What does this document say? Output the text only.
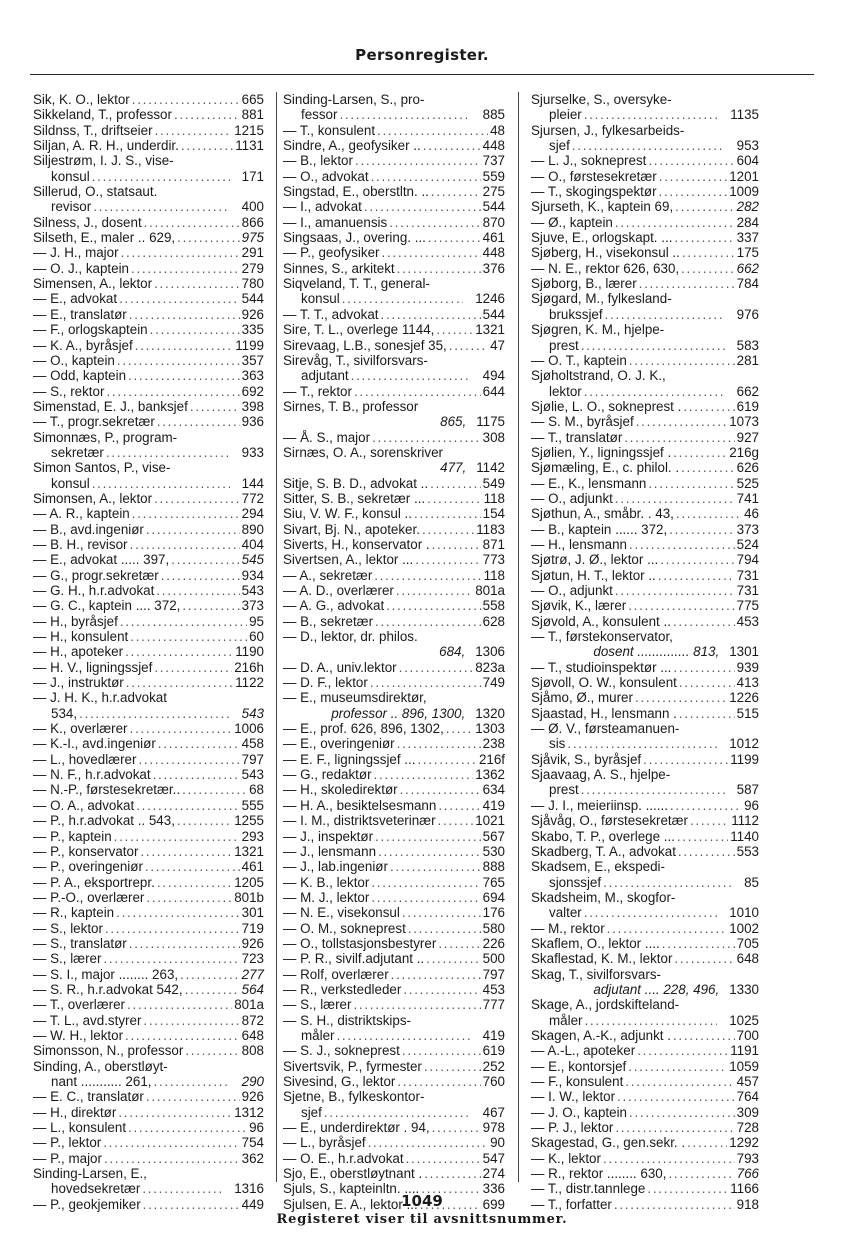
Personregister.
Sik, K. O., lektor . . .	665
Sikkeland, T., professor . . .	881
Sildnss, T., driftseier . . .	1215
Siljan, A. R. H., underdir. . . .	1131
Siljestrøm, I. J. S., vise-
konsul . . .	171
Sillerud, O., statsaut.
revisor . . .	400
Silness, J., dosent . . .	866
Silseth, E., maler .. 629, . . .	975
— J. H., major . . .	291
— O. J., kaptein . . .	279
Simensen, A., lektor . . .	780
— E., advokat . . .	544
— E., translatør . . .	926
— F., orlogskaptein . . .	335
— K. A., byråsjef . . .	1199
— O., kaptein . . .	357
— Odd, kaptein . . .	363
— S., rektor . . .	692
Simenstad, E. J., banksjef . . .	398
— T., progr.sekretær . . .	936
Simonnæs, P., program-
sekretær . . .	933
Simon Santos, P., vise-
konsul . . .	144
Simonsen, A., lektor . . .	772
— A. R., kaptein . . .	294
— B., avd.ingeniør . . .	890
— B. H., revisor . . .	404
— E., advokat ..... 397, . . .	545
— G., progr.sekretær . . .	934
— G. H., h.r.advokat . . .	543
— G. C., kaptein .... 372, . . .	373
— H., byråsjef . . .	95
— H., konsulent . . .	60
— H., apoteker . . .	1190
— H. V., ligningssjef . . .	216h
— J., instruktør . . .	1122
— J. H. K., h.r.advokat
534, . . .	543
— K., overlærer . . .	1006
— K.-I., avd.ingeniør . . .	458
— L., hovedlærer . . .	797
— N. F., h.r.advokat . . .	543
— N.-P., førstesekretær.. . . .	68
— O. A., advokat . . .	555
— P., h.r.advokat .. 543, . . .	1255
— P., kaptein . . .	293
— P., konservator . . .	1321
— P., overingeniør . . .	461
— P. A., eksportrepr. . . .	1205
— P.-O., overlærer . . .	801b
— R., kaptein . . .	301
— S., lektor . . .	719
— S., translatør . . .	926
— S., lærer . . .	723
— S. I., major ........ 263, . . .	277
— S. R., h.r.advokat 542, . . .	564
— T., overlærer . . .	801a
— T. L., avd.styrer . . .	872
— W. H., lektor . . .	648
Simonsson, N., professor . . .	808
Sinding, A., oberstløyt-
nant ........... 261, . . .	290
— E. C., translatør . . .	926
— H., direktør . . .	1312
— L., konsulent . . .	96
— P., lektor . . .	754
— P., major . . .	362
Sinding-Larsen, E.,
hovedsekretær . . .	1316
— P., geokjemiker . . .	449
Sinding-Larsen, S., pro-
fessor . . .	885
— T., konsulent . . .	48
Sindre, A., geofysiker .. . . .	448
— B., lektor . . .	737
— O., advokat . . .	559
Singstad, E., oberstltn. .. . . .	275
— I., advokat . . .	544
— I., amanuensis . . .	870
Singsaas, J., overing. ... . . .	461
— P., geofysiker . . .	448
Sinnes, S., arkitekt . . .	376
Siqveland, T. T., general-
konsul . . .	1246
— T. T., advokat . . .	544
Sire, T. L., overlege 1144, . . .	1321
Sirevaag, L.B., sonesjef 35, . . .	47
Sirevåg, T., sivilforsvars-
adjutant . . .	494
— T., rektor . . .	644
Sirnes, T. B., professor
865, 1175
— Å. S., major . . .	308
Sirnæs, O. A., sorenskriver
477, 1142
Sitje, S. B. D., advokat .. . . .	549
Sitter, S. B., sekretær ... . . .	118
Siu, V. W. F., konsul .. . . .	154
Sivart, Bj. N., apoteker. . . .	1183
Siverts, H., konservator . . . .	871
Sivertsen, A., lektor ... . . .	773
— A., sekretær . . .	118
— A. D., overlærer . . .	801a
— A. G., advokat . . .	558
— B., sekretær . . .	628
— D., lektor, dr. philos.
684, 1306
— D. A., univ.lektor . . .	823a
— D. F., lektor . . .	749
— E., museumsdirektør,
professor .. 896, 1300, 1320
— E., prof. 626, 896, 1302, . . . 1303
— E., overingeniør . . .	238
— E. F., ligningssjef ... . . .	216f
— G., redaktør . . .	1362
— H., skoledirektør . . .	634
— H. A., besiktelsesmann . . .	419
— I. M., distriktsveterinær . . .	1021
— J., inspektør . . .	567
— J., lensmann . . .	530
— J., lab.ingeniør . . .	888
— K. B., lektor . . .	765
— M. J., lektor . . .	694
— N. E., visekonsul . . .	176
— O. M., sokneprest . . .	580
— O., tollstasjonsbestyrer . . .	226
— P. R., sivilf.adjutant .. . . .	500
— Rolf, overlærer . . .	797
— R., verkstedleder . . .	453
— S., lærer . . .	777
— S. H., distriktskips-
måler . . .	419
— S. J., sokneprest . . .	619
Sivertsvik, P., fyrmester . . .	252
Sivesind, G., lektor . . .	760
Sjetne, B., fylkeskontor-
sjef . . .	467
— E., underdirektør . 94, . . .	978
— L., byråsjef . . .	90
— O. E., h.r.advokat . . .	547
Sjo, E., oberstløytnant . . . .	274
Sjuls, S., kapteinltn. .... . . .	336
Sjulsen, E. A., lektor ... . . .	699
Sjurselke, S., oversyke-
pleier . . .	1135
Sjursen, J., fylkesarbeids-
sjef . . .	953
— L. J., sokneprest . . .	604
— O., førstesekretær . . .	1201
— T., skogingspektør . . .	1009
Sjurseth, K., kaptein 69, . . .	282
— Ø., kaptein . . .	284
Sjuve, E., orlogskapt. ... . . .	337
Sjøberg, H., visekonsul .. . . .	175
— N. E., rektor 626, 630, . . .	662
Sjøborg, B., lærer . . .	784
Sjøgard, M., fylkesland-
brukssjef . . .	976
Sjøgren, K. M., hjelpe-
prest . . .	583
— O. T., kaptein . . .	281
Sjøholtstrand, O. J. K.,
lektor . . .	662
Sjølie, L. O., sokneprest . . . .	619
— S. M., byråsjef . . .	1073
— T., translatør . . .	927
Sjølien, Y., ligningssjef . . . .	216g
Sjømæling, E., c. philol. . . . .	626
— E., K., lensmann . . .	525
— O., adjunkt . . .	741
Sjøthun, A., småbr. . 43, . . .	46
— B., kaptein ...... 372, . . .	373
— H., lensmann . . .	524
Sjøtrø, J. Ø., lektor ... . . .	794
Sjøtun, H. T., lektor .. . . .	731
— O., adjunkt . . .	731
Sjøvik, K., lærer . . .	775
Sjøvold, A., konsulent .. . . .	453
— T., førstekonservator,
dosent .............. 813, 1301
— T., studioinspektør ... . . .	939
Sjøvoll, O. W., konsulent . . .	413
Sjåmo, Ø., murer . . .	1226
Sjaastad, H., lensmann . . . .	515
— Ø. V., førsteamanuen-
sis . . .	1012
Sjåvik, S., byråsjef . . .	1199
Sjaavaag, A. S., hjelpe-
prest . . .	587
— J. I., meieriinsp. ...... . . .	96
Sjåvåg, O., førstesekretær . . .	1112
Skabo, T. P., overlege ... . . .	1140
Skadberg, T. A., advokat . . .	553
Skadsem, E., ekspedi-
sjonssjef . . .	85
Skadsheim, M., skogfor-
valter . . .	1010
— M., rektor . . .	1002
Skaflem, O., lektor .... . . .	705
Skaflestad, K. M., lektor . . .	648
Skag, T., sivilforsvars-
adjutant .... 228, 496, 1330
Skage, A., jordskifteland-
måler . . .	1025
Skagen, A.-K., adjunkt . . . .	700
— A.-L., apoteker . . .	1191
— E., kontorsjef . . .	1059
— F., konsulent . . .	457
— I. W., lektor . . .	764
— J. O., kaptein . . .	309
— P. J., lektor . . .	728
Skagestad, G., gen.sekr. . . . .	1292
— K., lektor . . .	793
— R., rektor ........ 630, . . .	766
— T., distr.tannlege . . .	1166
— T., forfatter . . .	918
1049
Registeret viser til avsnittsnummer.
